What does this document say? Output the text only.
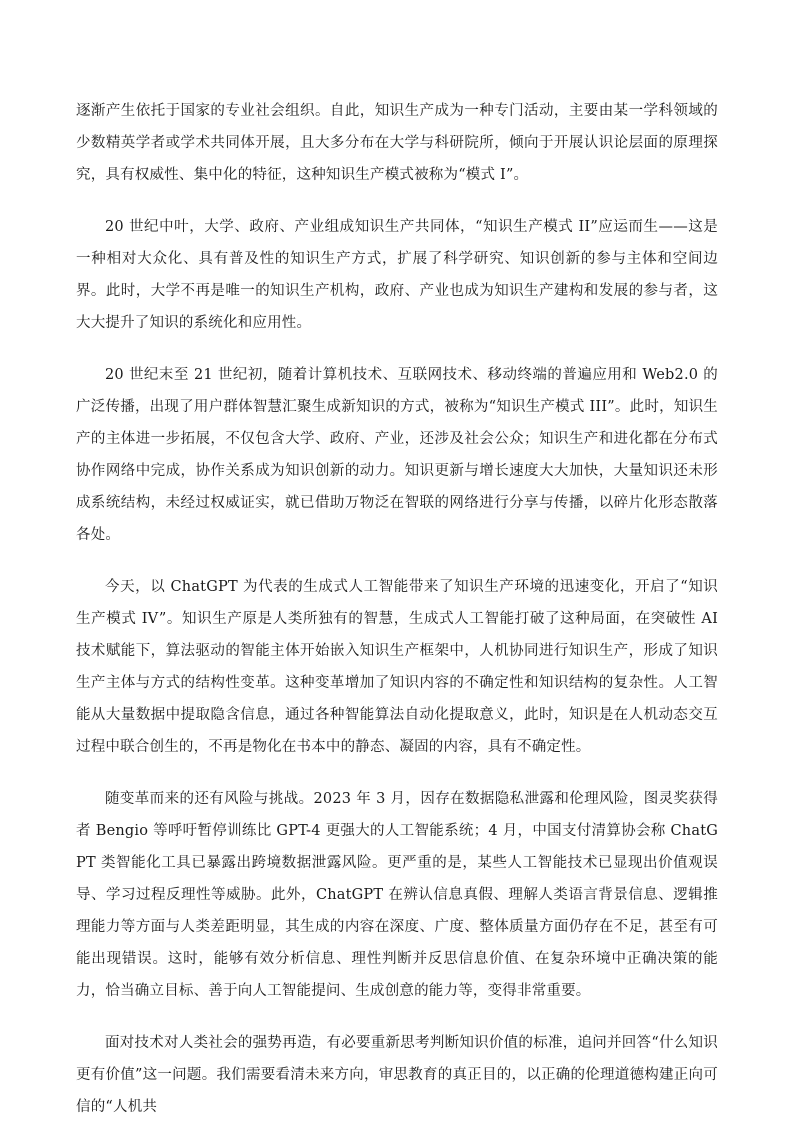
逐渐产生依托于国家的专业社会组织。自此，知识生产成为一种专门活动，主要由某一学科领域的少数精英学者或学术共同体开展，且大多分布在大学与科研院所，倾向于开展认识论层面的原理探究，具有权威性、集中化的特征，这种知识生产模式被称为“模式 I”。

20 世纪中叶，大学、政府、产业组成知识生产共同体，“知识生产模式 II”应运而生——这是一种相对大众化、具有普及性的知识生产方式，扩展了科学研究、知识创新的参与主体和空间边界。此时，大学不再是唯一的知识生产机构，政府、产业也成为知识生产建构和发展的参与者，这大大提升了知识的系统化和应用性。

20 世纪末至 21 世纪初，随着计算机技术、互联网技术、移动终端的普遍应用和 Web2.0 的广泛传播，出现了用户群体智慧汇聚生成新知识的方式，被称为“知识生产模式 III”。此时，知识生产的主体进一步拓展，不仅包含大学、政府、产业，还涉及社会公众；知识生产和进化都在分布式协作网络中完成，协作关系成为知识创新的动力。知识更新与增长速度大大加快，大量知识还未形成系统结构，未经过权威证实，就已借助万物泛在智联的网络进行分享与传播，以碎片化形态散落各处。

今天，以 ChatGPT 为代表的生成式人工智能带来了知识生产环境的迅速变化，开启了“知识生产模式 IV”。知识生产原是人类所独有的智慧，生成式人工智能打破了这种局面，在突破性 AI 技术赋能下，算法驱动的智能主体开始嵌入知识生产框架中，人机协同进行知识生产，形成了知识生产主体与方式的结构性变革。这种变革增加了知识内容的不确定性和知识结构的复杂性。人工智能从大量数据中提取隐含信息，通过各种智能算法自动化提取意义，此时，知识是在人机动态交互过程中联合创生的，不再是物化在书本中的静态、凝固的内容，具有不确定性。

随变革而来的还有风险与挑战。2023 年 3 月，因存在数据隐私泄露和伦理风险，图灵奖获得者 Bengio 等呼吁暂停训练比 GPT-4 更强大的人工智能系统；4 月，中国支付清算协会称 ChatGPT 类智能化工具已暴露出跨境数据泄露风险。更严重的是，某些人工智能技术已显现出价值观误导、学习过程反理性等威胁。此外，ChatGPT 在辨认信息真假、理解人类语言背景信息、逻辑推理能力等方面与人类差距明显，其生成的内容在深度、广度、整体质量方面仍存在不足，甚至有可能出现错误。这时，能够有效分析信息、理性判断并反思信息价值、在复杂环境中正确决策的能力，恰当确立目标、善于向人工智能提问、生成创意的能力等，变得非常重要。

面对技术对人类社会的强势再造，有必要重新思考判断知识价值的标准，追问并回答“什么知识更有价值”这一问题。我们需要看清未来方向，审思教育的真正目的，以正确的伦理道德构建正向可信的“人机共
